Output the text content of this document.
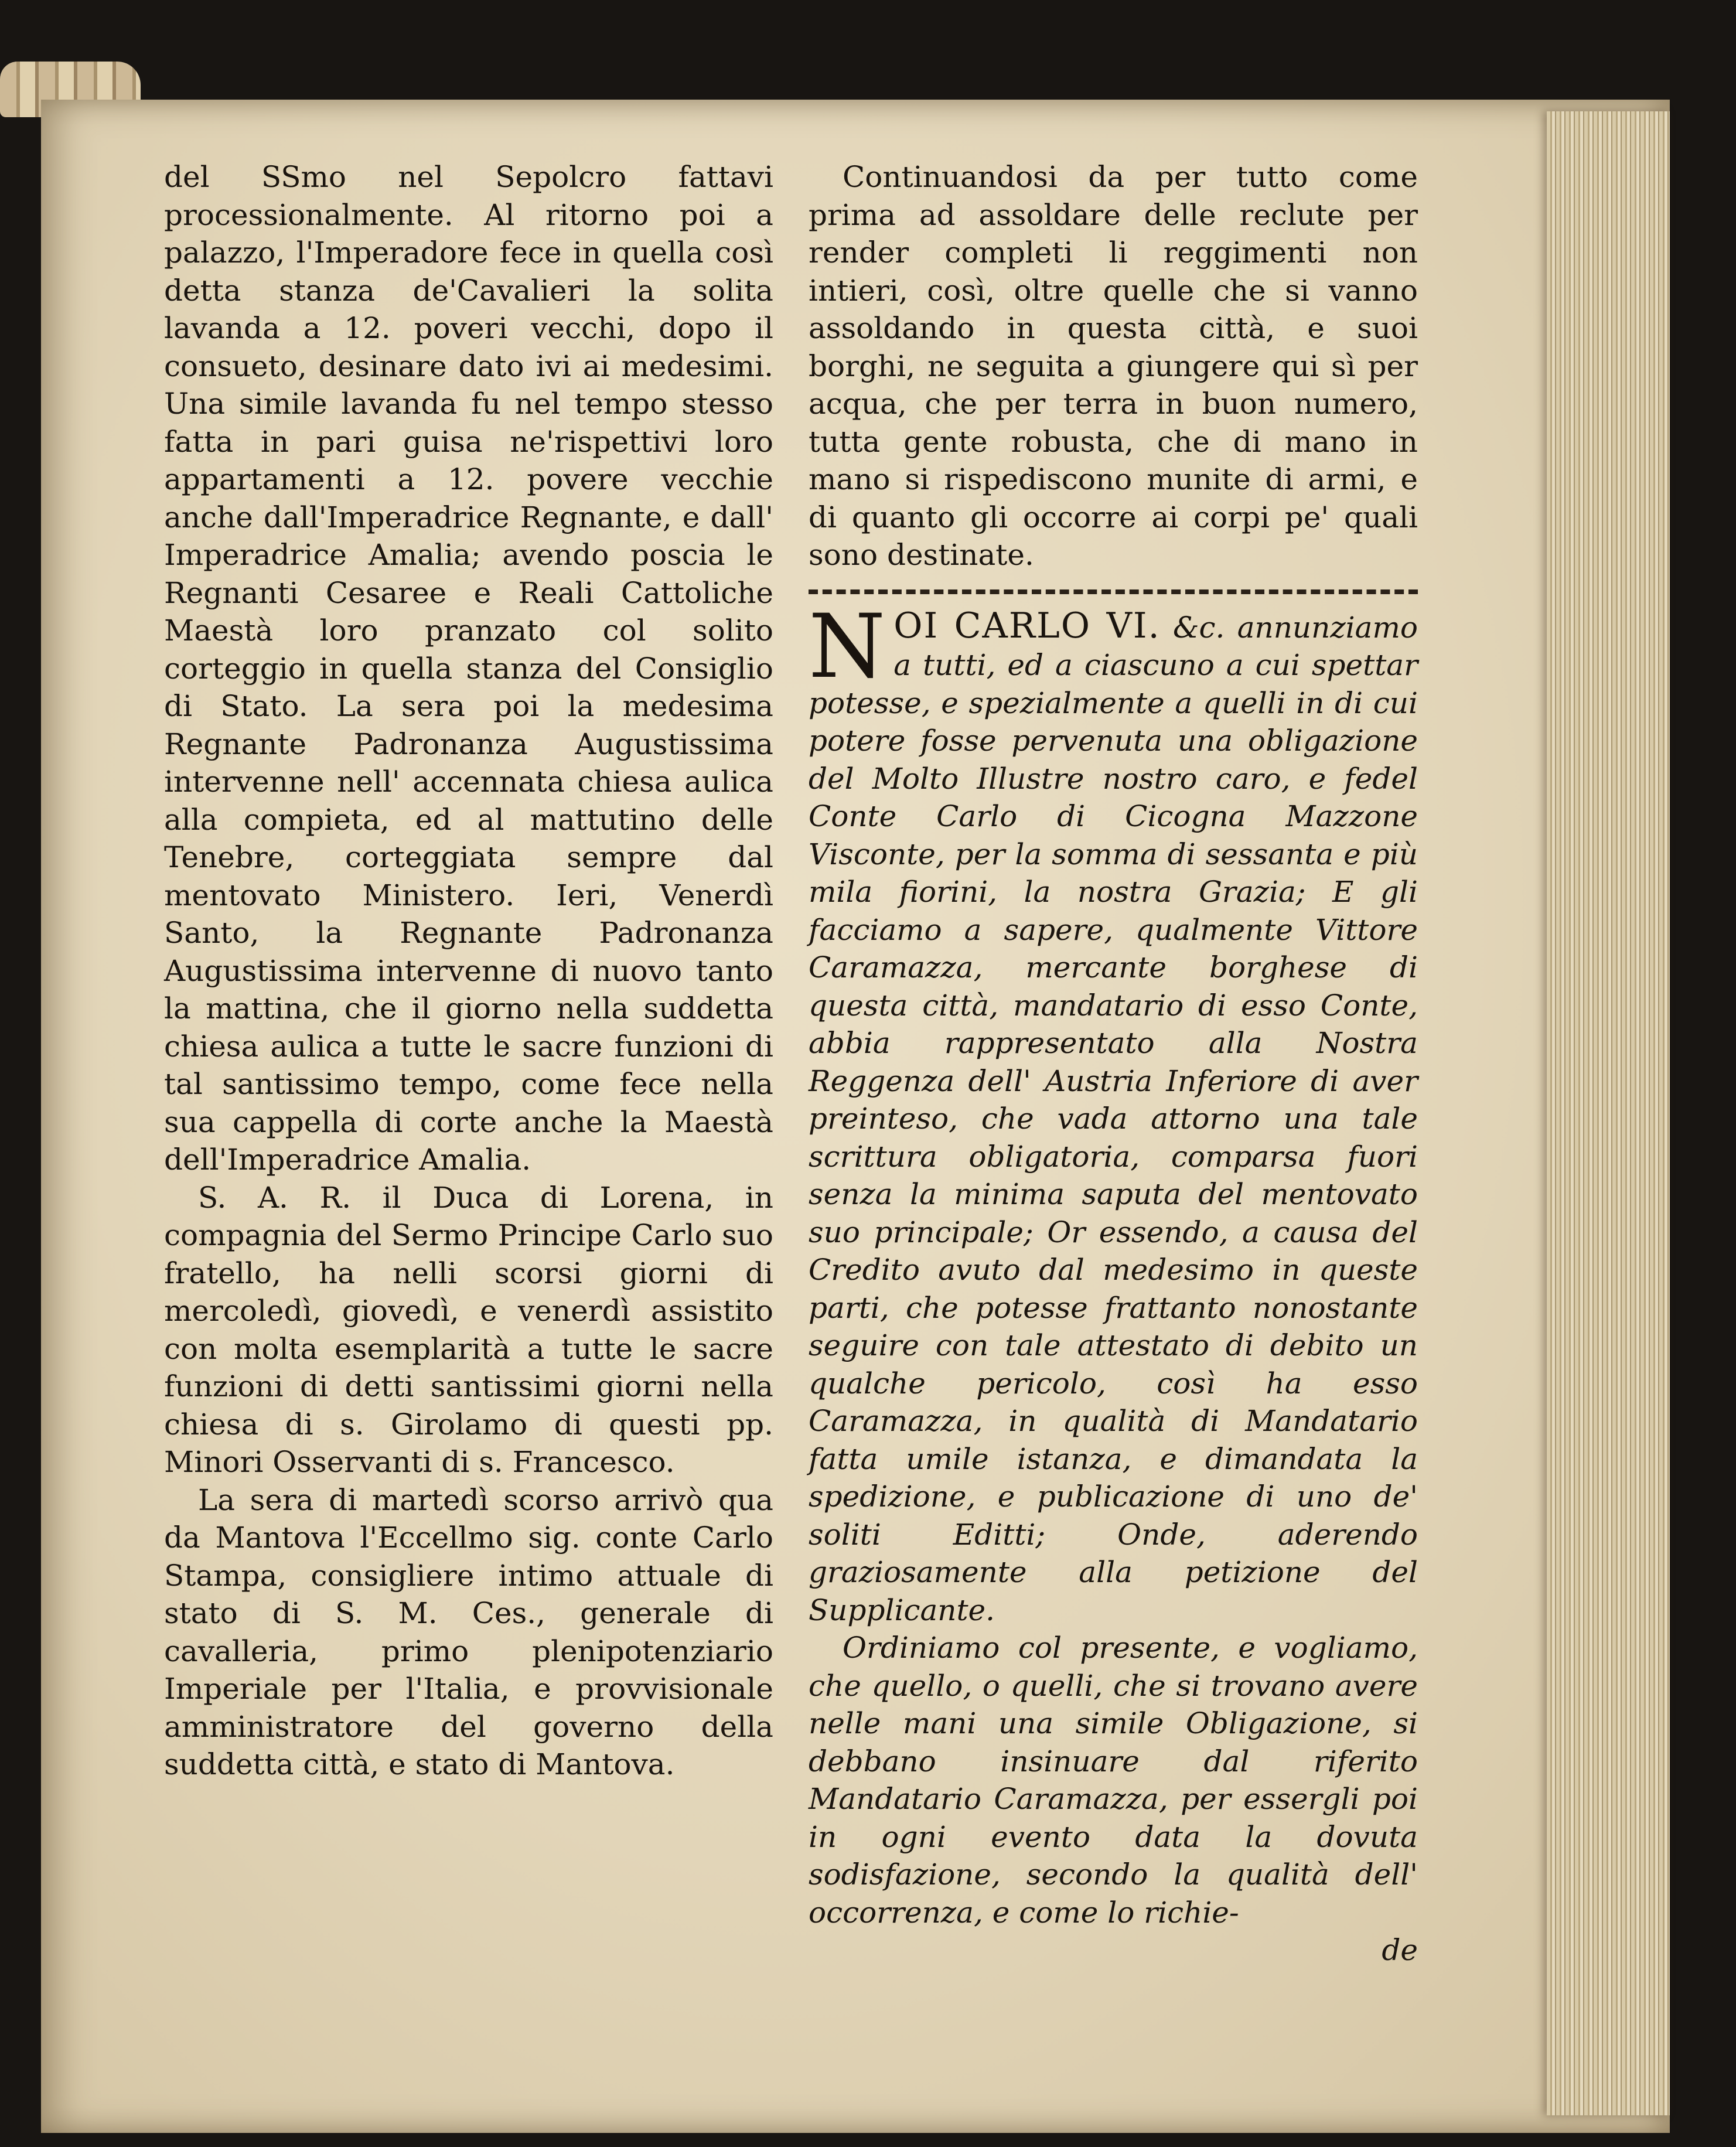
del SSmo nel Sepolcro fattavi processionalmente. Al ritorno poi a palazzo, l'Imperadore fece in quella così detta stanza de'Cavalieri la solita lavanda a 12. poveri vecchi, dopo il consueto, desinare dato ivi ai medesimi. Una simile lavanda fu nel tempo stesso fatta in pari guisa ne'rispettivi loro appartamenti a 12. povere vecchie anche dall'Imperadrice Regnante, e dall' Imperadrice Amalia; avendo poscia le Regnanti Cesaree e Reali Cattoliche Maestà loro pranzato col solito corteggio in quella stanza del Consiglio di Stato. La sera poi la medesima Regnante Padronanza Augustissima intervenne nell' accennata chiesa aulica alla compieta, ed al mattutino delle Tenebre, corteggiata sempre dal mentovato Ministero. Ieri, Venerdì Santo, la Regnante Padronanza Augustissima intervenne di nuovo tanto la mattina, che il giorno nella suddetta chiesa aulica a tutte le sacre funzioni di tal santissimo tempo, come fece nella sua cappella di corte anche la Maestà dell'Imperadrice Amalia.

S. A. R. il Duca di Lorena, in compagnia del Sermo Principe Carlo suo fratello, ha nelli scorsi giorni di mercoledì, giovedì, e venerdì assistito con molta esemplarità a tutte le sacre funzioni di detti santissimi giorni nella chiesa di s. Girolamo di questi pp. Minori Osservanti di s. Francesco.

La sera di martedì scorso arrivò qua da Mantova l'Eccellmo sig. conte Carlo Stampa, consigliere intimo attuale di stato di S. M. Ces., generale di cavalleria, primo plenipotenziario Imperiale per l'Italia, e provvisionale amministratore del governo della suddetta città, e stato di Mantova.

Continuandosi da per tutto come prima ad assoldare delle reclute per render completi li reggimenti non intieri, così, oltre quelle che si vanno assoldando in questa città, e suoi borghi, ne seguita a giungere qui sì per acqua, che per terra in buon numero, tutta gente robusta, che di mano in mano si rispediscono munite di armi, e di quanto gli occorre ai corpi pe' quali sono destinate.

NOI CARLO VI. &c. annunziamo a tutti, ed a ciascuno a cui spettar potesse, e spezialmente a quelli in di cui potere fosse pervenuta una obligazione del Molto Illustre nostro caro, e fedel Conte Carlo di Cicogna Mazzone Visconte, per la somma di sessanta e più mila fiorini, la nostra Grazia; E gli facciamo a sapere, qualmente Vittore Caramazza, mercante borghese di questa città, mandatario di esso Conte, abbia rappresentato alla Nostra Reggenza dell' Austria Inferiore di aver preinteso, che vada attorno una tale scrittura obligatoria, comparsa fuori senza la minima saputa del mentovato suo principale; Or essendo, a causa del Credito avuto dal medesimo in queste parti, che potesse frattanto nonostante seguire con tale attestato di debito un qualche pericolo, così ha esso Caramazza, in qualità di Mandatario fatta umile istanza, e dimandata la spedizione, e publicazione di uno de' soliti Editti; Onde, aderendo graziosamente alla petizione del Supplicante.

Ordiniamo col presente, e vogliamo, che quello, o quelli, che si trovano avere nelle mani una simile Obligazione, si debbano insinuare dal riferito Mandatario Caramazza, per essergli poi in ogni evento data la dovuta sodisfazione, secondo la qualità dell' occorrenza, e come lo richie-

de
